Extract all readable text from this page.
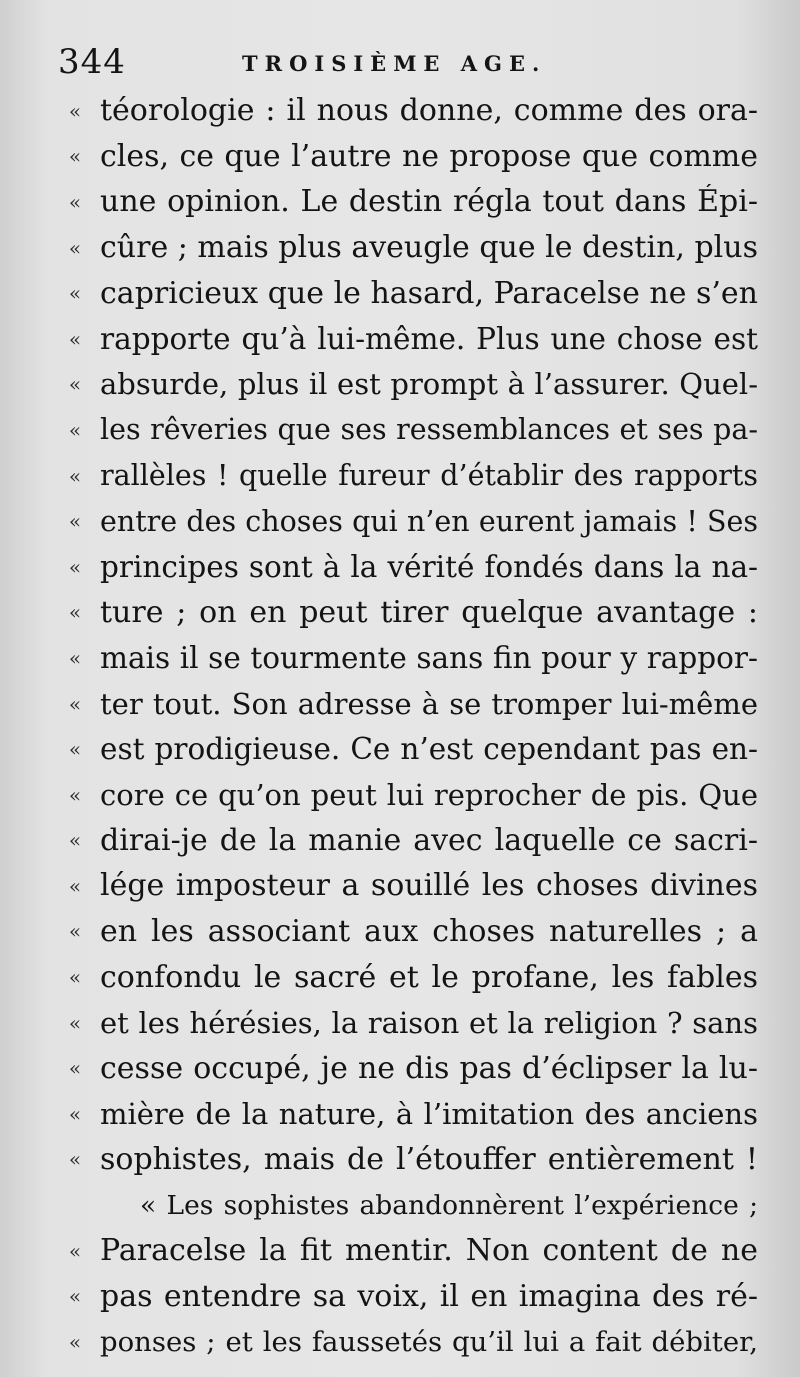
344	TROISIÈME AGE.
« téorologie : il nous donne, comme des ora-
« cles, ce que l’autre ne propose que comme
« une opinion. Le destin régla tout dans Épi-
« cûre ; mais plus aveugle que le destin, plus
« capricieux que le hasard, Paracelse ne s’en
« rapporte qu’à lui-même. Plus une chose est
« absurde, plus il est prompt à l’assurer. Quel-
« les rêveries que ses ressemblances et ses pa-
« rallèles ! quelle fureur d’établir des rapports
« entre des choses qui n’en eurent jamais ! Ses
« principes sont à la vérité fondés dans la na-
« ture ; on en peut tirer quelque avantage :
« mais il se tourmente sans fin pour y rappor-
« ter tout. Son adresse à se tromper lui-même
« est prodigieuse. Ce n’est cependant pas en-
« core ce qu’on peut lui reprocher de pis. Que
« dirai-je de la manie avec laquelle ce sacri-
« lége imposteur a souillé les choses divines
« en les associant aux choses naturelles ; a
« confondu le sacré et le profane, les fables
« et les hérésies, la raison et la religion ? sans
« cesse occupé, je ne dis pas d’éclipser la lu-
« mière de la nature, à l’imitation des anciens
« sophistes, mais de l’étouffer entièrement !
« Les sophistes abandonnèrent l’expérience ;
« Paracelse la fit mentir. Non content de ne
« pas entendre sa voix, il en imagina des ré-
« ponses ; et les faussetés qu’il lui a fait débiter,
